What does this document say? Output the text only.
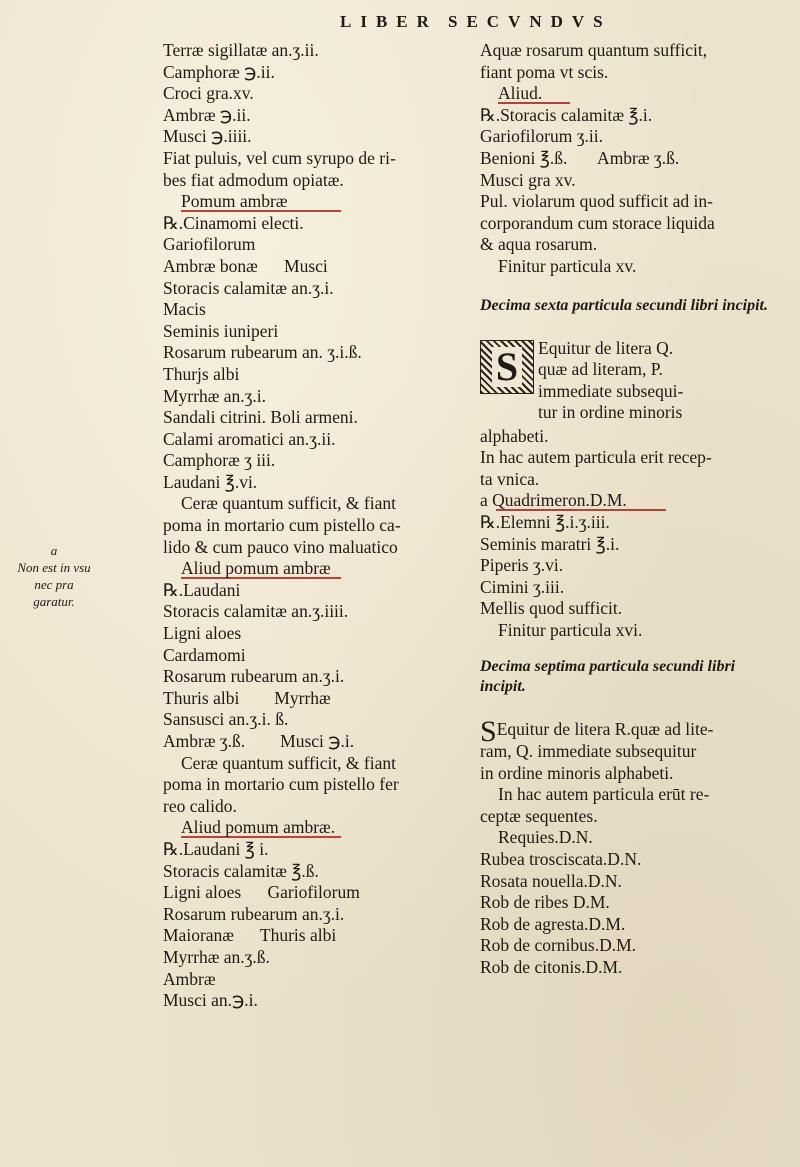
LIBER SECVNDVS
a
Non est in vsu nec pra garatur.
Terræ sigillatæ an.ʒ.ii.
Camphoræ ℈.ii.
Croci gra.xv.
Ambræ ℈.ii.
Musci ℈.iiii.
Fiat puluis, vel cum syrupo de ri-
bes fiat admodum opiatæ.
Pomum ambræ
℞.Cinamomi electi.
Gariofilorum
Ambræ bonæ      Musci
Storacis calamitæ an.ʒ.i.
Macis
Seminis iuniperi
Rosarum rubearum an. ʒ.i.ß.
Thurjs albi
Myrrhæ an.ʒ.i.
Sandali citrini. Boli armeni.
Calami aromatici an.ʒ.ii.
Camphoræ ʒ iii.
Laudani ℥.vi.
Ceræ quantum sufficit, & fiant
poma in mortario cum pistello ca-
lido & cum pauco vino maluatico
Aliud pomum ambræ
℞.Laudani
Storacis calamitæ an.ʒ.iiii.
Ligni aloes
Cardamomi
Rosarum rubearum an.ʒ.i.
Thuris albi        Myrrhæ
Sansusci an.ʒ.i. ß.
Ambræ ʒ.ß.        Musci ℈.i.
Ceræ quantum sufficit, & fiant
poma in mortario cum pistello fer
reo calido.
Aliud pomum ambræ.
℞.Laudani ℥ i.
Storacis calamitæ ℥.ß.
Ligni aloes      Gariofilorum
Rosarum rubearum an.ʒ.i.
Maioranæ      Thuris albi
Myrrhæ an.ʒ.ß.
Ambræ
Musci an.℈.i.
Aquæ rosarum quantum sufficit,
fiant poma vt scis.
Aliud.
℞.Storacis calamitæ ℥.i.
Gariofilorum ʒ.ii.
Benioni ℥.ß.       Ambræ ʒ.ß.
Musci gra xv.
Pul. violarum quod sufficit ad in-
corporandum cum storace liquida
& aqua rosarum.
Finitur particula xv.
Decima sexta particula secundi libri incipit.
S Equitur de litera Q.
quæ ad literam, P.
immediate subsequi-
tur in ordine minoris
alphabeti.
In hac autem particula erit recep-
ta vnica.
a Quadrimeron.D.M.
℞.Elemni ℥.i.ʒ.iii.
Seminis maratri ℥.i.
Piperis ʒ.vi.
Cimini ʒ.iii.
Mellis quod sufficit.
Finitur particula xvi.
Decima septima particula secundi libri incipit.
SEquitur de litera R.quæ ad lite-
ram, Q. immediate subsequitur
in ordine minoris alphabeti.
In hac autem particula erūt re-
ceptæ sequentes.
Requies.D.N.
Rubea trosciscata.D.N.
Rosata nouella.D.N.
Rob de ribes D.M.
Rob de agresta.D.M.
Rob de cornibus.D.M.
Rob de citonis.D.M.
